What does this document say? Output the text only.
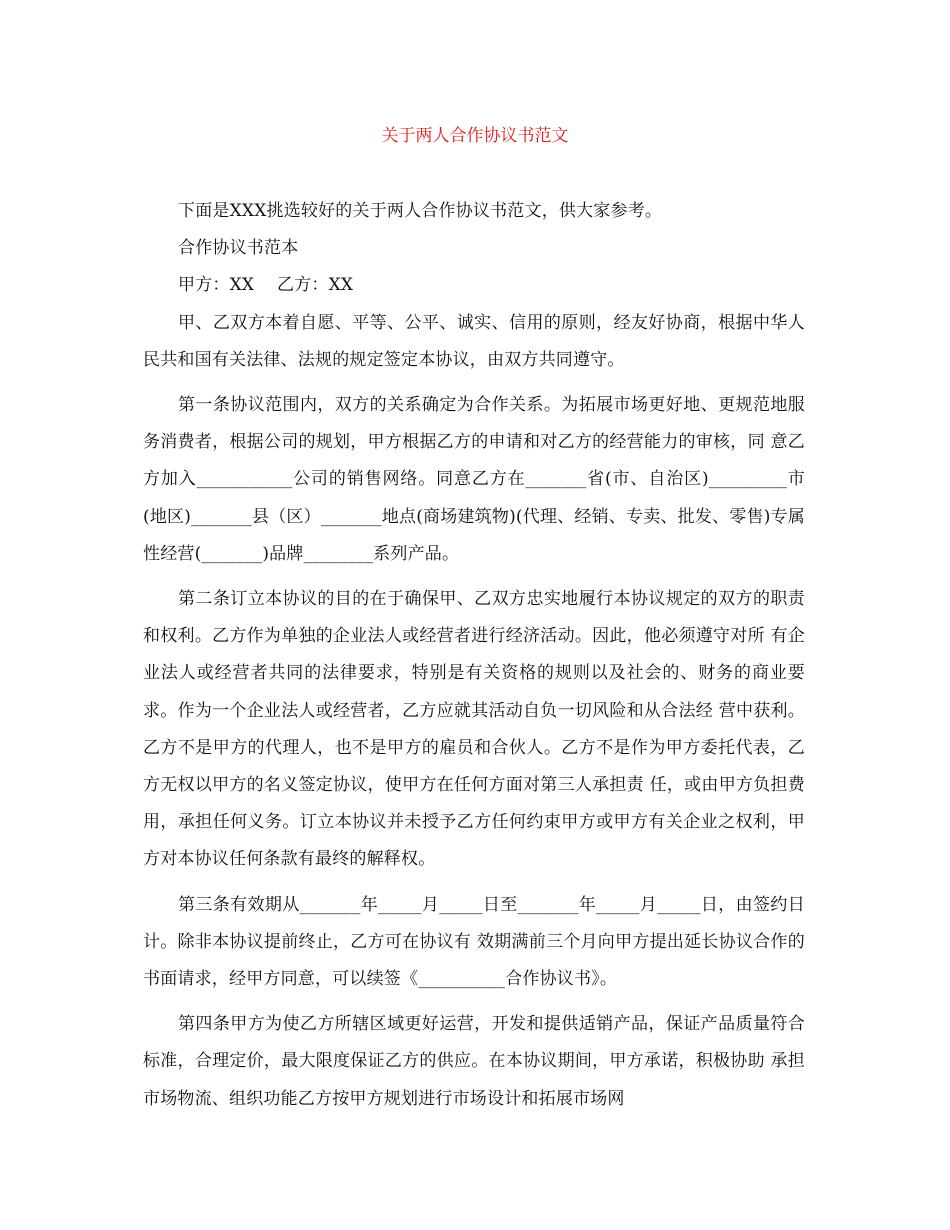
关于两人合作协议书范文

下面是XXX挑选较好的关于两人合作协议书范文，供大家参考。

合作协议书范本

甲方：XX　 乙方：XX

甲、乙双方本着自愿、平等、公平、诚实、信用的原则，经友好协商，根据中华人民共和国有关法律、法规的规定签定本协议，由双方共同遵守。

第一条协议范围内，双方的关系确定为合作关系。为拓展市场更好地、更规范地服务消费者，根据公司的规划，甲方根据乙方的申请和对乙方的经营能力的审核，同 意乙方加入___________公司的销售网络。同意乙方在_______省(市、自治区)_________市(地区)_______县（区）_______地点(商场建筑物)(代理、经销、专卖、批发、零售)专属性经营(_______)品牌________系列产品。

第二条订立本协议的目的在于确保甲、乙双方忠实地履行本协议规定的双方的职责和权利。乙方作为单独的企业法人或经营者进行经济活动。因此，他必须遵守对所 有企业法人或经营者共同的法律要求，特别是有关资格的规则以及社会的、财务的商业要求。作为一个企业法人或经营者，乙方应就其活动自负一切风险和从合法经 营中获利。乙方不是甲方的代理人，也不是甲方的雇员和合伙人。乙方不是作为甲方委托代表，乙方无权以甲方的名义签定协议，使甲方在任何方面对第三人承担责 任，或由甲方负担费用，承担任何义务。订立本协议并未授予乙方任何约束甲方或甲方有关企业之权利，甲方对本协议任何条款有最终的解释权。

第三条有效期从_______年_____月_____日至_______年_____月_____日，由签约日计。除非本协议提前终止，乙方可在协议有 效期满前三个月向甲方提出延长协议合作的书面请求，经甲方同意，可以续签《__________合作协议书》。

第四条甲方为使乙方所辖区域更好运营，开发和提供适销产品，保证产品质量符合标准，合理定价，最大限度保证乙方的供应。在本协议期间，甲方承诺，积极协助 承担市场物流、组织功能乙方按甲方规划进行市场设计和拓展市场网
